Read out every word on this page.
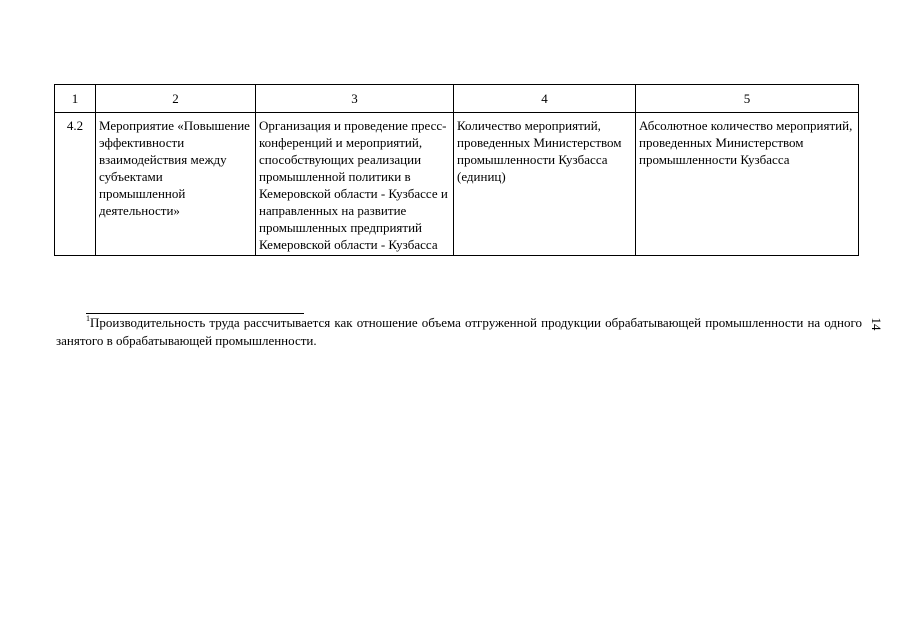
1	2	3	4	5
4.2	Мероприятие «Повышение эффективности взаимодействия между субъектами промышленной деятельности»	Организация и проведение пресс-конференций и мероприятий, способствующих реализации промышленной политики в Кемеровской области - Кузбассе и направленных на развитие промышленных предприятий Кемеровской области - Кузбасса	Количество мероприятий, проведенных Министерством промышленности Кузбасса (единиц)	Абсолютное количество мероприятий, проведенных Министерством промышленности Кузбасса

$^1$Производительность труда рассчитывается как отношение объема отгруженной продукции обрабатывающей промышленности на одного занятого в обрабатывающей промышленности.

14
